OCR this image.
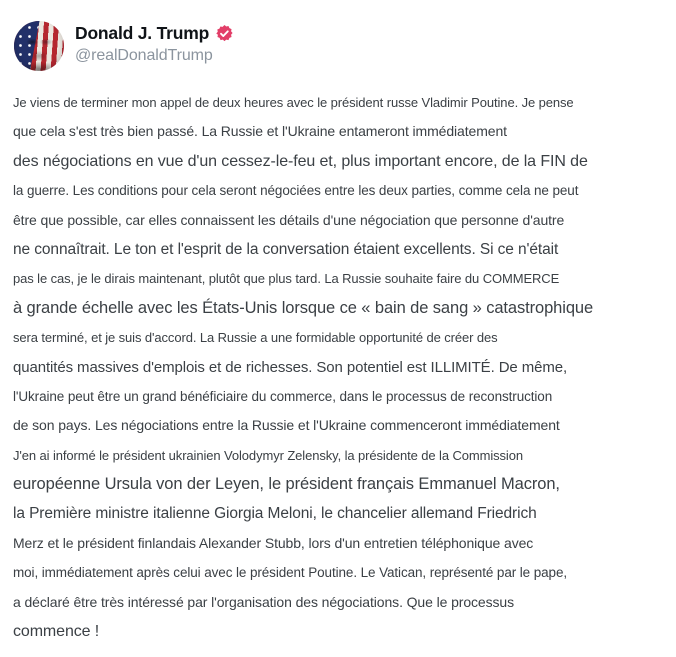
Donald J. Trump
@realDonaldTrump
Je viens de terminer mon appel de deux heures avec le président russe Vladimir Poutine. Je pense
que cela s'est très bien passé. La Russie et l'Ukraine entameront immédiatement
des négociations en vue d'un cessez-le-feu et, plus important encore, de la FIN de
la guerre. Les conditions pour cela seront négociées entre les deux parties, comme cela ne peut
être que possible, car elles connaissent les détails d'une négociation que personne d'autre
ne connaîtrait. Le ton et l'esprit de la conversation étaient excellents. Si ce n'était
pas le cas, je le dirais maintenant, plutôt que plus tard. La Russie souhaite faire du COMMERCE
à grande échelle avec les États-Unis lorsque ce « bain de sang » catastrophique
sera terminé, et je suis d'accord. La Russie a une formidable opportunité de créer des
quantités massives d'emplois et de richesses. Son potentiel est ILLIMITÉ. De même,
l'Ukraine peut être un grand bénéficiaire du commerce, dans le processus de reconstruction
de son pays. Les négociations entre la Russie et l'Ukraine commenceront immédiatement
J'en ai informé le président ukrainien Volodymyr Zelensky, la présidente de la Commission
européenne Ursula von der Leyen, le président français Emmanuel Macron,
la Première ministre italienne Giorgia Meloni, le chancelier allemand Friedrich
Merz et le président finlandais Alexander Stubb, lors d'un entretien téléphonique avec
moi, immédiatement après celui avec le président Poutine. Le Vatican, représenté par le pape,
a déclaré être très intéressé par l'organisation des négociations. Que le processus
commence !
